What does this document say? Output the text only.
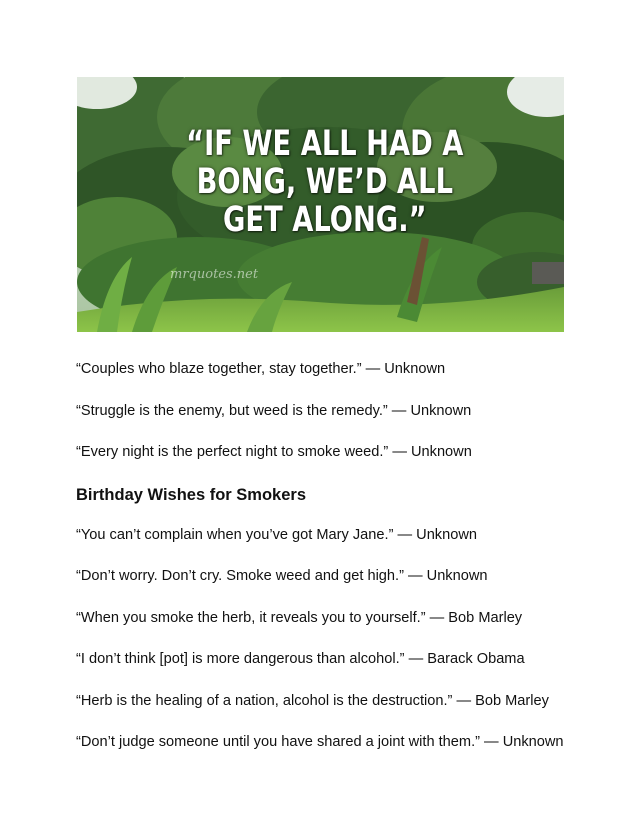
“IF WE ALL HAD A
BONG, WE’D ALL
GET ALONG.”
mrquotes.net
“Couples who blaze together, stay together.” — Unknown
“Struggle is the enemy, but weed is the remedy.” — Unknown
“Every night is the perfect night to smoke weed.” — Unknown
Birthday Wishes for Smokers
“You can’t complain when you’ve got Mary Jane.” — Unknown
“Don’t worry. Don’t cry. Smoke weed and get high.” — Unknown
“When you smoke the herb, it reveals you to yourself.” — Bob Marley
“I don’t think [pot] is more dangerous than alcohol.” — Barack Obama
“Herb is the healing of a nation, alcohol is the destruction.” — Bob Marley
“Don’t judge someone until you have shared a joint with them.” — Unknown
